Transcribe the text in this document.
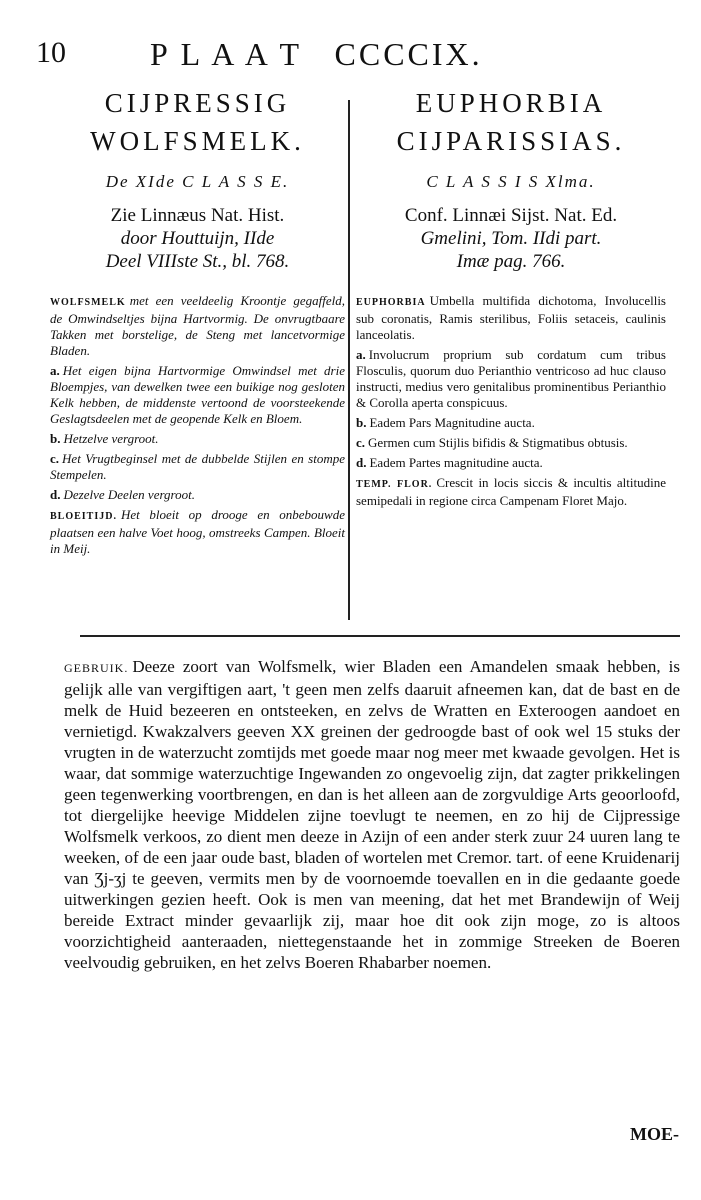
10	P L A A T   CCCCIX.
CIJPRESSIG
WOLFSMELK.
De XIde C L A S S E.
Zie Linnæus Nat. Hist.
door Houttuijn, IIde
Deel VIIIste St., bl. 768.

WOLFSMELK met een veeldeelig Kroontje gegaffeld, de Omwindseltjes bijna Hartvormig. De onvrugtbaare Takken met borstelige, de Steng met lancetvormige Bladen.

a. Het eigen bijna Hartvormige Omwindsel met drie Bloempjes, van dewelken twee een buikige nog gesloten Kelk hebben, de middenste vertoond de voorsteekende Geslagtsdeelen met de geopende Kelk en Bloem.

b. Hetzelve vergroot.

c. Het Vrugtbeginsel met de dubbelde Stijlen en stompe Stempelen.

d. Dezelve Deelen vergroot.

BLOEITIJD. Het bloeit op drooge en onbebouwde plaatsen een halve Voet hoog, omstreeks Campen. Bloeit in Meij.

EUPHORBIA
CIJPARISSIAS.
C L A S S I S Xlma.
Conf. Linnæi Sijst. Nat. Ed.
Gmelini, Tom. IIdi part.
Imæ pag. 766.

EUPHORBIA Umbella multifida dichotoma, Involucellis sub coronatis, Ramis sterilibus, Foliis setaceis, caulinis lanceolatis.

a. Involucrum proprium sub cordatum cum tribus Flosculis, quorum duo Perianthio ventricoso ad huc clauso instructi, medius vero genitalibus prominentibus Perianthio & Corolla aperta conspicuus.

b. Eadem Pars Magnitudine aucta.

c. Germen cum Stijlis bifidis & Stigmatibus obtusis.

d. Eadem Partes magnitudine aucta.

TEMP. FLOR. Crescit in locis siccis & incultis altitudine semipedali in regione circa Campenam Floret Majo.

GEBRUIK. Deeze zoort van Wolfsmelk, wier Bladen een Amandelen smaak hebben, is gelijk alle van vergiftigen aart, 't geen men zelfs daaruit afneemen kan, dat de bast en de melk de Huid bezeeren en ontsteeken, en zelvs de Wratten en Exteroogen aandoet en vernietigd. Kwakzalvers geeven XX greinen der gedroogde bast of ook wel 15 stuks der vrugten in de waterzucht zomtijds met goede maar nog meer met kwaade gevolgen. Het is waar, dat sommige waterzuchtige Ingewanden zo ongevoelig zijn, dat zagter prikkelingen geen tegenwerking voortbrengen, en dan is het alleen aan de zorgvuldige Arts geoorloofd, tot diergelijke heevige Middelen zijne toevlugt te neemen, en zo hij de Cijpressige Wolfsmelk verkoos, zo dient men deeze in Azijn of een ander sterk zuur 24 uuren lang te weeken, of de een jaar oude bast, bladen of wortelen met Cremor. tart. of eene Kruidenarij van Ʒj-ʒj te geeven, vermits men by de voornoemde toevallen en in die gedaante goede uitwerkingen gezien heeft. Ook is men van meening, dat het met Brandewijn of Weij bereide Extract minder gevaarlijk zij, maar hoe dit ook zijn moge, zo is altoos voorzichtigheid aanteraaden, niettegenstaande het in zommige Streeken de Boeren veelvoudig gebruiken, en het zelvs Boeren Rhabarber noemen.
MOE-
